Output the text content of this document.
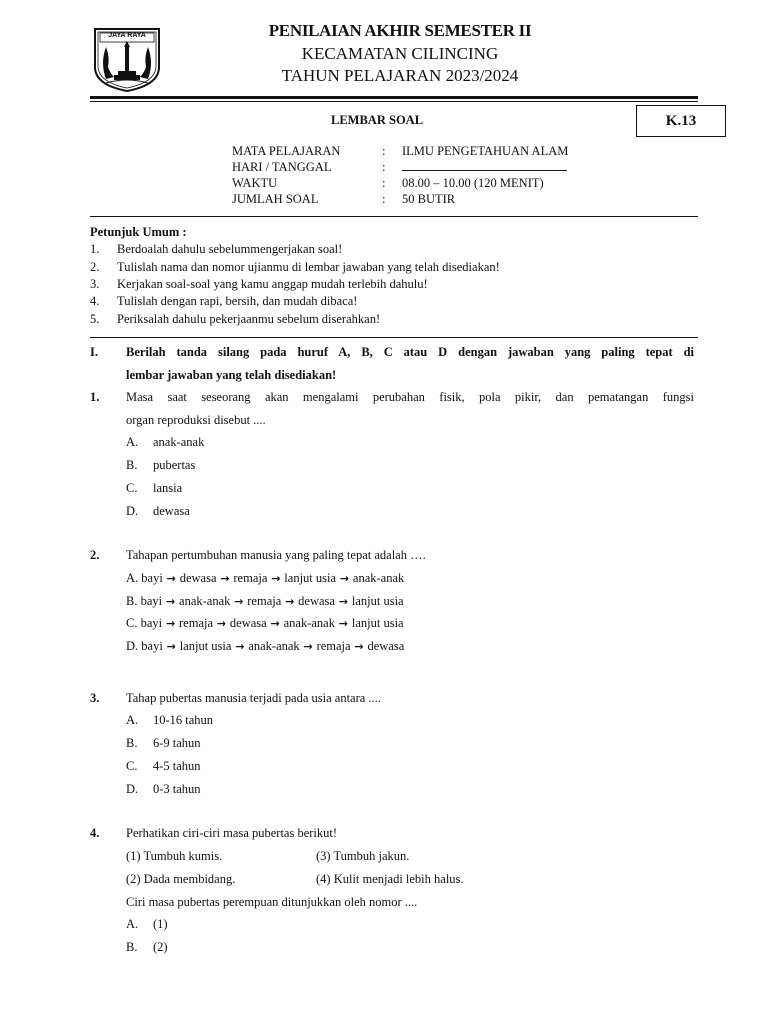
JAYA RAYA	PENILAIAN AKHIR SEMESTER II
KECAMATAN CILINCING
TAHUN PELAJARAN 2023/2024
LEMBAR SOAL	K.13
MATA PELAJARAN	: ILMU PENGETAHUAN ALAM
HARI / TANGGAL	:
WAKTU	: 08.00 – 10.00 (120 MENIT)
JUMLAH SOAL	: 50 BUTIR
Petunjuk Umum :
1. Berdoalah dahulu sebelummengerjakan soal!
2. Tulislah nama dan nomor ujianmu di lembar jawaban yang telah disediakan!
3. Kerjakan soal-soal yang kamu anggap mudah terlebih dahulu!
4. Tulislah dengan rapi, bersih, dan mudah dibaca!
5. Periksalah dahulu pekerjaanmu sebelum diserahkan!
I. Berilah tanda silang pada huruf A, B, C atau D dengan jawaban yang paling tepat di
lembar jawaban yang telah disediakan!
1. Masa saat seseorang akan mengalami perubahan fisik, pola pikir, dan pematangan fungsi
organ reproduksi disebut ....
A. anak-anak
B. pubertas
C. lansia
D. dewasa
2. Tahapan pertumbuhan manusia yang paling tepat adalah ….
A. bayi → dewasa → remaja → lanjut usia → anak-anak
B. bayi → anak-anak → remaja → dewasa → lanjut usia
C. bayi → remaja → dewasa → anak-anak → lanjut usia
D. bayi → lanjut usia → anak-anak → remaja → dewasa
3. Tahap pubertas manusia terjadi pada usia antara ....
A. 10-16 tahun
B. 6-9 tahun
C. 4-5 tahun
D. 0-3 tahun
4. Perhatikan ciri-ciri masa pubertas berikut!
(1) Tumbuh kumis.	(3) Tumbuh jakun.
(2) Dada membidang.	(4) Kulit menjadi lebih halus.
Ciri masa pubertas perempuan ditunjukkan oleh nomor ....
A. (1)
B. (2)
